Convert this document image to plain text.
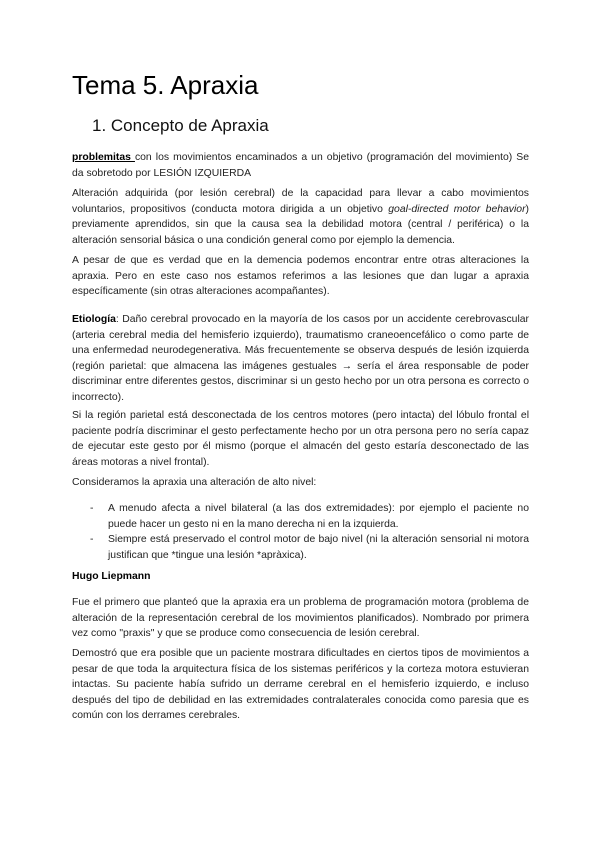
Tema 5. Apraxia
1. Concepto de Apraxia

problemitas con los movimientos encaminados a un objetivo (programación del movimiento) Se da sobretodo por LESIÓN IZQUIERDA

Alteración adquirida (por lesión cerebral) de la capacidad para llevar a cabo movimientos voluntarios, propositivos (conducta motora dirigida a un objetivo goal-directed motor behavior) previamente aprendidos, sin que la causa sea la debilidad motora (central / periférica) o la alteración sensorial básica o una condición general como por ejemplo la demencia.

A pesar de que es verdad que en la demencia podemos encontrar entre otras alteraciones la apraxia. Pero en este caso nos estamos referimos a las lesiones que dan lugar a apraxia específicamente (sin otras alteraciones acompañantes).

Etiología: Daño cerebral provocado en la mayoría de los casos por un accidente cerebrovascular (arteria cerebral media del hemisferio izquierdo), traumatismo craneoencefálico o como parte de una enfermedad neurodegenerativa. Más frecuentemente se observa después de lesión izquierda (región parietal: que almacena las imágenes gestuales → sería el área responsable de poder discriminar entre diferentes gestos, discriminar si un gesto hecho por un otra persona es correcto o incorrecto).

Si la región parietal está desconectada de los centros motores (pero intacta) del lóbulo frontal el paciente podría discriminar el gesto perfectamente hecho por un otra persona pero no sería capaz de ejecutar este gesto por él mismo (porque el almacén del gesto estaría desconectado de las áreas motoras a nivel frontal).

Consideramos la apraxia una alteración de alto nivel:

- A menudo afecta a nivel bilateral (a las dos extremidades): por ejemplo el paciente no puede hacer un gesto ni en la mano derecha ni en la izquierda.
- Siempre está preservado el control motor de bajo nivel (ni la alteración sensorial ni motora justifican que *tingue una lesión *apràxica).
Hugo Liepmann

Fue el primero que planteó que la apraxia era un problema de programación motora (problema de alteración de la representación cerebral de los movimientos planificados). Nombrado por primera vez como "praxis" y que se produce como consecuencia de lesión cerebral.

Demostró que era posible que un paciente mostrara dificultades en ciertos tipos de movimientos a pesar de que toda la arquitectura física de los sistemas periféricos y la corteza motora estuvieran intactas. Su paciente había sufrido un derrame cerebral en el hemisferio izquierdo, e incluso después del tipo de debilidad en las extremidades contralaterales conocida como paresia que es común con los derrames cerebrales.
